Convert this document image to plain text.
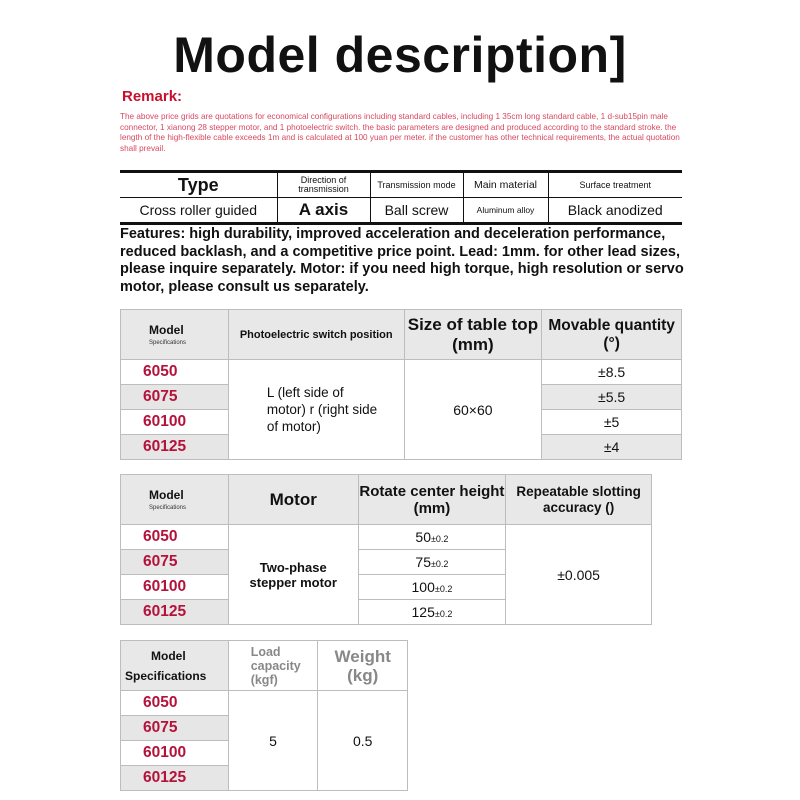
Model description]
Remark:
The above price grids are quotations for economical configurations including standard cables, including 1 35cm long standard cable, 1 d-sub15pin male connector, 1 xianong 28 stepper motor, and 1 photoelectric switch. the basic parameters are designed and produced according to the standard stroke. the length of the high-flexible cable exceeds 1m and is calculated at 100 yuan per meter. if the customer has other technical requirements, the actual quotation shall prevail.
Type	Direction of transmission	Transmission mode	Main material	Surface treatment
Cross roller guided	A axis	Ball screw	Aluminum alloy	Black anodized
Features: high durability, improved acceleration and deceleration performance, reduced backlash, and a competitive price point. Lead: 1mm. for other lead sizes, please inquire separately. Motor: if you need high torque, high resolution or servo motor, please consult us separately.
Model
Specifications	Photoelectric switch position	Size of table top (mm)	Movable quantity (°)
6050	L (left side of motor) r (right side of motor)	60×60	±8.5
6075			±5.5
60100			±5
60125			±4
Model
Specifications	Motor	Rotate center height (mm)	Repeatable slotting accuracy ()
6050	Two-phase stepper motor	50±0.2	±0.005
6075		75±0.2	
60100		100±0.2	
60125		125±0.2	
Model
Specifications	Load capacity (kgf)	Weight (kg)
6050	5	0.5
6075		
60100		
60125		
